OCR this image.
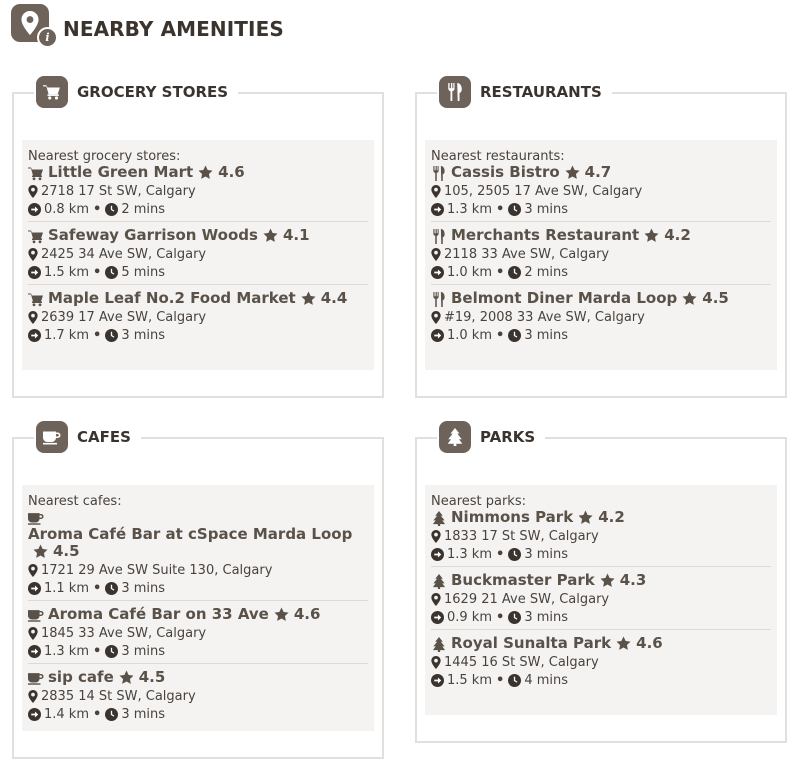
i NEARBY AMENITIES
GROCERY STORES
Nearest grocery stores:
Little Green Mart 4.6
2718 17 St SW, Calgary
0.8 km • 2 mins
Safeway Garrison Woods 4.1
2425 34 Ave SW, Calgary
1.5 km • 5 mins
Maple Leaf No.2 Food Market 4.4
2639 17 Ave SW, Calgary
1.7 km • 3 mins
RESTAURANTS
Nearest restaurants:
Cassis Bistro 4.7
105, 2505 17 Ave SW, Calgary
1.3 km • 3 mins
Merchants Restaurant 4.2
2118 33 Ave SW, Calgary
1.0 km • 2 mins
Belmont Diner Marda Loop 4.5
#19, 2008 33 Ave SW, Calgary
1.0 km • 3 mins
CAFES
Nearest cafes:
Aroma Café Bar at cSpace Marda Loop
4.5
1721 29 Ave SW Suite 130, Calgary
1.1 km • 3 mins
Aroma Café Bar on 33 Ave 4.6
1845 33 Ave SW, Calgary
1.3 km • 3 mins
sip cafe 4.5
2835 14 St SW, Calgary
1.4 km • 3 mins
PARKS
Nearest parks:
Nimmons Park 4.2
1833 17 St SW, Calgary
1.3 km • 3 mins
Buckmaster Park 4.3
1629 21 Ave SW, Calgary
0.9 km • 3 mins
Royal Sunalta Park 4.6
1445 16 St SW, Calgary
1.5 km • 4 mins
